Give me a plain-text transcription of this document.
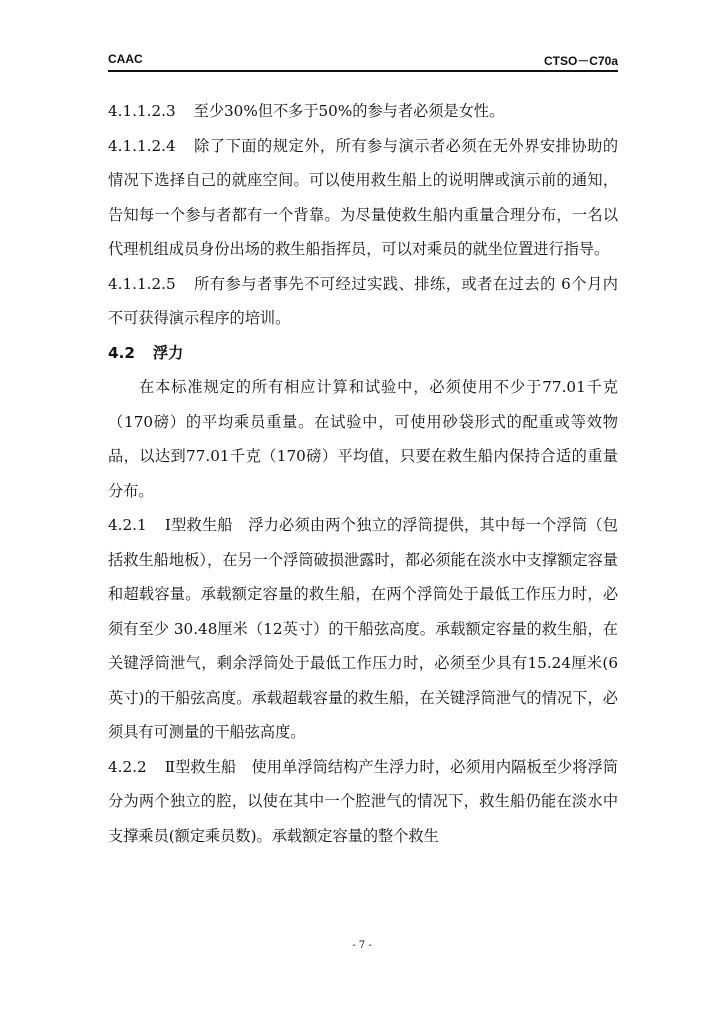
CAAC	CTSO－C70a

4.1.1.2.3 至少30%但不多于50%的参与者必须是女性。

4.1.1.2.4 除了下面的规定外，所有参与演示者必须在无外界安排协助的情况下选择自己的就座空间。可以使用救生船上的说明牌或演示前的通知，告知每一个参与者都有一个背靠。为尽量使救生船内重量合理分布，一名以代理机组成员身份出场的救生船指挥员，可以对乘员的就坐位置进行指导。

4.1.1.2.5 所有参与者事先不可经过实践、排练，或者在过去的 6个月内不可获得演示程序的培训。

4.2 浮力

在本标准规定的所有相应计算和试验中，必须使用不少于77.01千克（170磅）的平均乘员重量。在试验中，可使用砂袋形式的配重或等效物品，以达到77.01千克（170磅）平均值，只要在救生船内保持合适的重量分布。

4.2.1 Ⅰ型救生船　浮力必须由两个独立的浮筒提供，其中每一个浮筒（包括救生船地板），在另一个浮筒破损泄露时，都必须能在淡水中支撑额定容量和超载容量。承载额定容量的救生船，在两个浮筒处于最低工作压力时，必须有至少 30.48厘米（12英寸）的干船弦高度。承载额定容量的救生船，在关键浮筒泄气，剩余浮筒处于最低工作压力时，必须至少具有15.24厘米(6英寸)的干船弦高度。承载超载容量的救生船，在关键浮筒泄气的情况下，必须具有可测量的干船弦高度。

4.2.2 Ⅱ型救生船　使用单浮筒结构产生浮力时，必须用内隔板至少将浮筒分为两个独立的腔，以使在其中一个腔泄气的情况下，救生船仍能在淡水中支撑乘员(额定乘员数)。承载额定容量的整个救生

- 7 -
